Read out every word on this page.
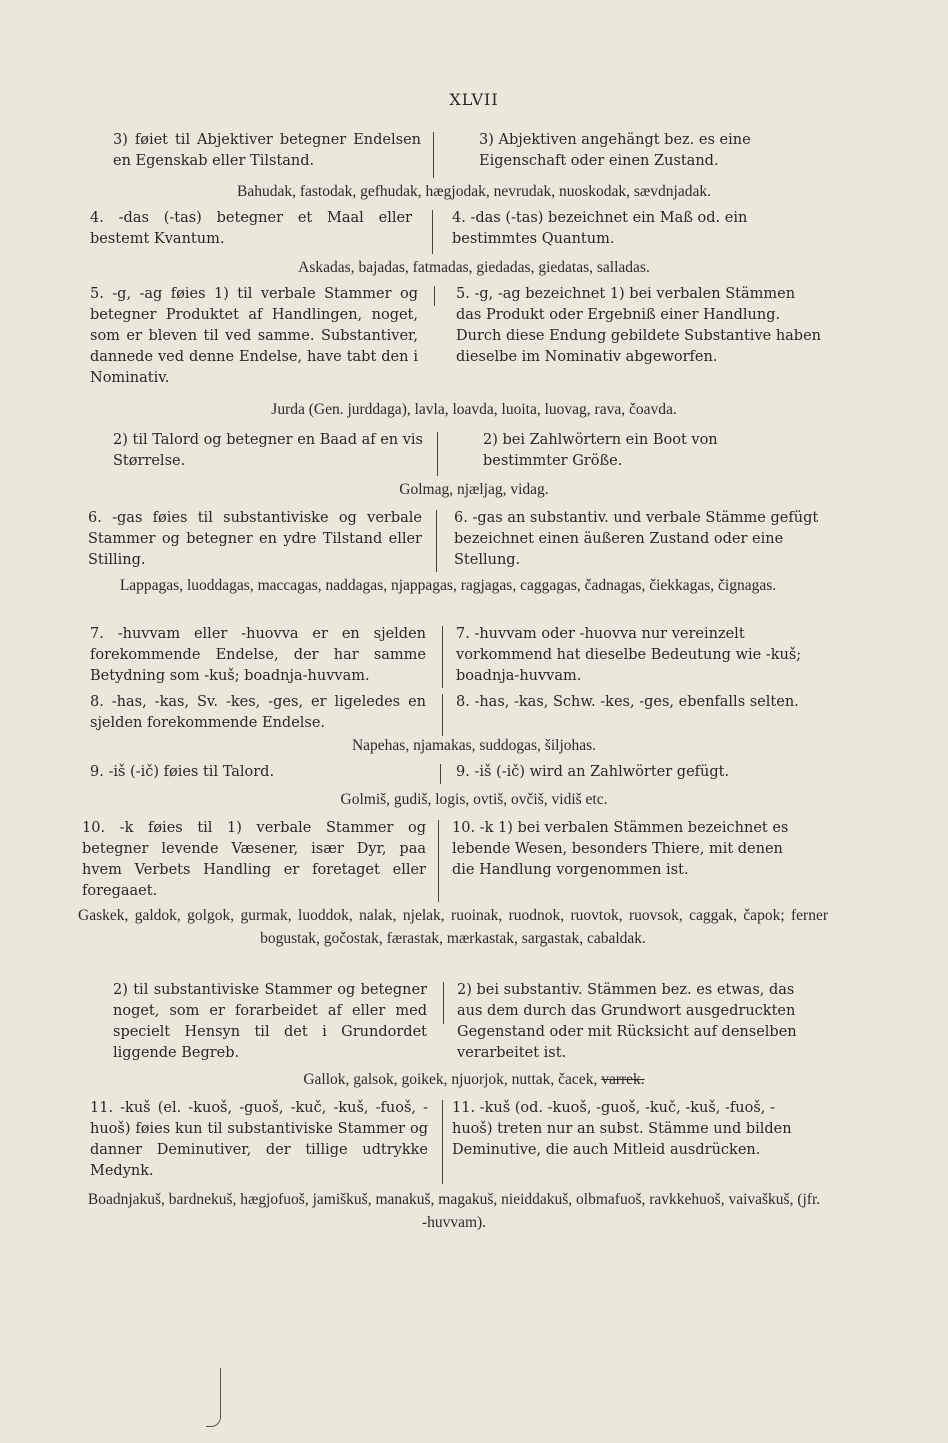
XLVII
3) føiet til Abjektiver betegner Endelsen en Egenskab eller Tilstand.
3) Abjektiven angehängt bez. es eine Eigenschaft oder einen Zustand.
Bahudak, fastodak, gefhudak, hægjodak, nevrudak, nuoskodak, sævdnjadak.
4. -das (-tas) betegner et Maal eller bestemt Kvantum.
4. -das (-tas) bezeichnet ein Maß od. ein bestimmtes Quantum.
Askadas, bajadas, fatmadas, giedadas, giedatas, salladas.
5. -g, -ag føies 1) til verbale Stammer og betegner Produktet af Handlingen, noget, som er bleven til ved samme. Substantiver, dannede ved denne Endelse, have tabt den i Nominativ.
5. -g, -ag bezeichnet 1) bei verbalen Stämmen das Produkt oder Ergebniß einer Handlung. Durch diese Endung gebildete Substantive haben dieselbe im Nominativ abgeworfen.
Jurda (Gen. jurddaga), lavla, loavda, luoita, luovag, rava, čoavda.
2) til Talord og betegner en Baad af en vis Størrelse.
2) bei Zahlwörtern ein Boot von bestimmter Größe.
Golmag, njæljag, vidag.
6. -gas føies til substantiviske og verbale Stammer og betegner en ydre Tilstand eller Stilling.
6. -gas an substantiv. und verbale Stämme gefügt bezeichnet einen äußeren Zustand oder eine Stellung.
Lappagas, luoddagas, maccagas, naddagas, njappagas, ragjagas, caggagas, čadnagas, čiekkagas, čignagas.
7. -huvvam eller -huovva er en sjelden forekommende Endelse, der har samme Betydning som -kuš; boadnja-huvvam.
7. -huvvam oder -huovva nur vereinzelt vorkommend hat dieselbe Bedeutung wie -kuš; boadnja-huvvam.
8. -has, -kas, Sv. -kes, -ges, er ligeledes en sjelden forekommende Endelse.
8. -has, -kas, Schw. -kes, -ges, ebenfalls selten.
Napehas, njamakas, suddogas, šiljohas.
9. -iš (-ič) føies til Talord.	9. -iš (-ič) wird an Zahlwörter gefügt.
Golmiš, gudiš, logis, ovtiš, ovčiš, vidiš etc.
10. -k føies til 1) verbale Stammer og betegner levende Væsener, især Dyr, paa hvem Verbets Handling er foretaget eller foregaaet.
10. -k 1) bei verbalen Stämmen bezeichnet es lebende Wesen, besonders Thiere, mit denen die Handlung vorgenommen ist.
Gaskek, galdok, golgok, gurmak, luoddok, nalak, njelak, ruoinak, ruodnok, ruovtok, ruovsok, caggak, čapok; ferner bogustak, gočostak, færastak, mærkastak, sargastak, cabaldak.
2) til substantiviske Stammer og betegner noget, som er forarbeidet af eller med specielt Hensyn til det i Grundordet liggende Begreb.
2) bei substantiv. Stämmen bez. es etwas, das aus dem durch das Grundwort ausgedruckten Gegenstand oder mit Rücksicht auf denselben verarbeitet ist.
Gallok, galsok, goikek, njuorjok, nuttak, čacek, varrek.
11. -kuš (el. -kuoš, -guoš, -kuč, -kuš, -fuoš, -huoš) føies kun til substantiviske Stammer og danner Deminutiver, der tillige udtrykke Medynk.
11. -kuš (od. -kuoš, -guoš, -kuč, -kuš, -fuoš, -huoš) treten nur an subst. Stämme und bilden Deminutive, die auch Mitleid ausdrücken.
Boadnjakuš, bardnekuš, hægjofuoš, jamiškuš, manakuš, magakuš, nieiddakuš, olbmafuoš, ravkkehuoš, vaivaškuš, (jfr. -huvvam).
